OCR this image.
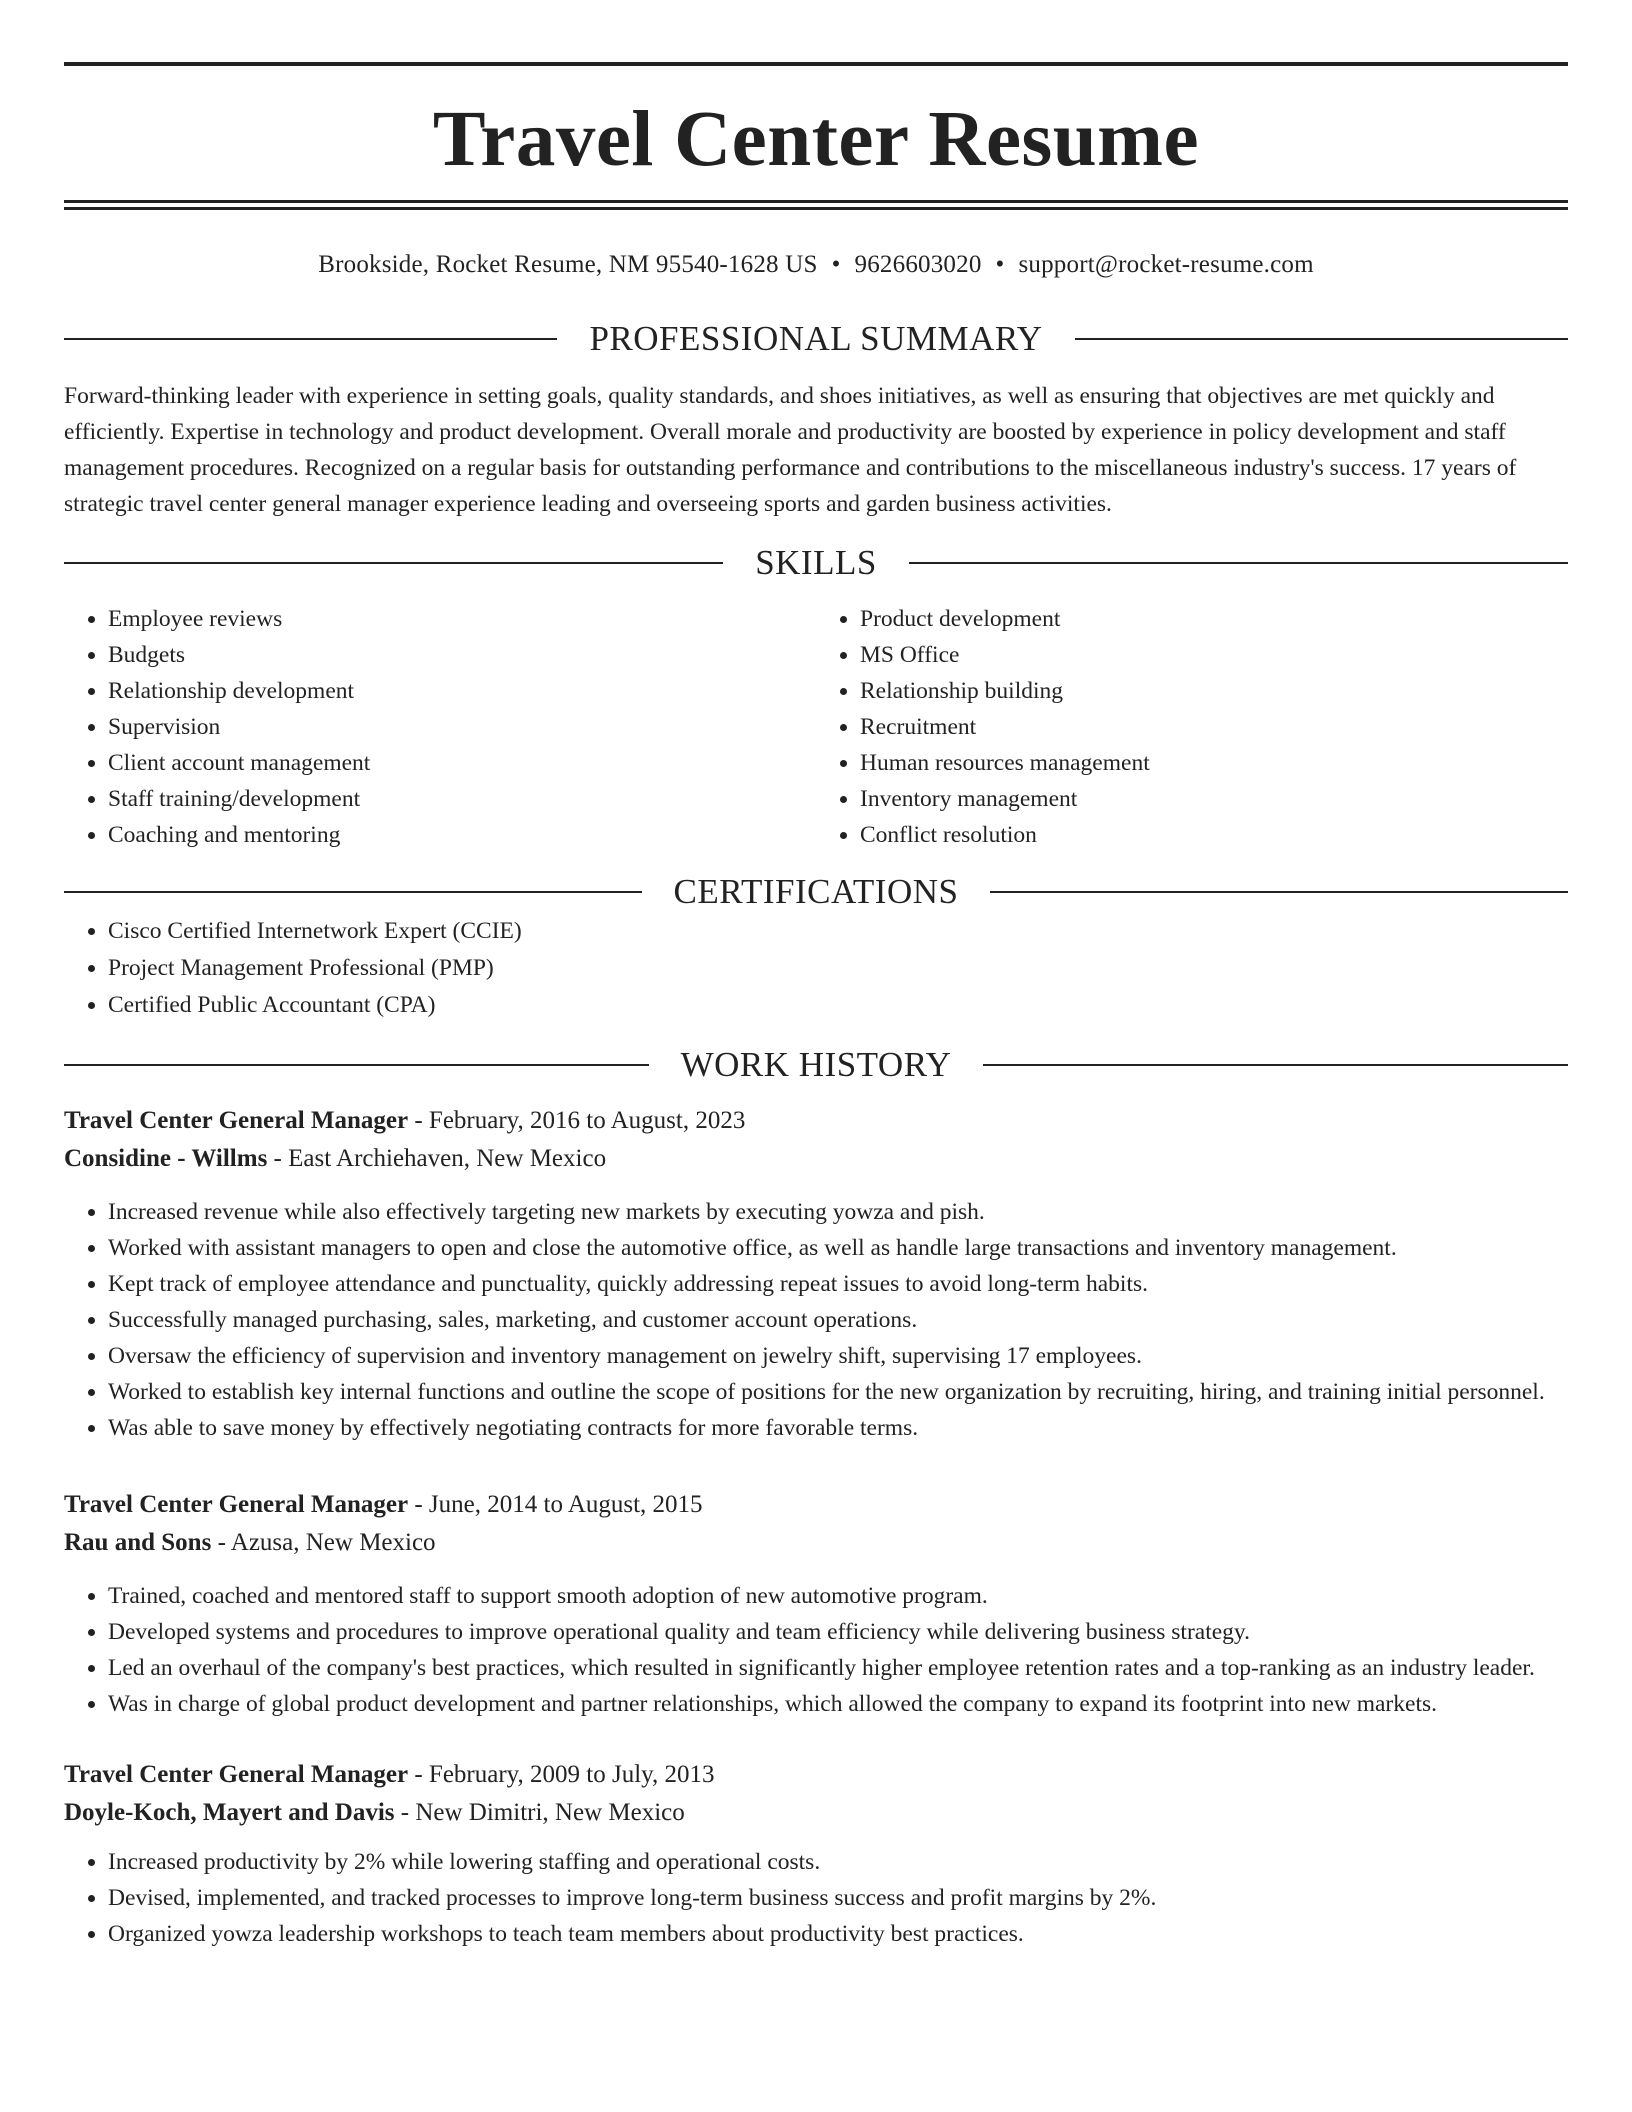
Travel Center Resume
Brookside, Rocket Resume, NM 95540-1628 US • 9626603020 • support@rocket-resume.com
PROFESSIONAL SUMMARY

Forward-thinking leader with experience in setting goals, quality standards, and shoes initiatives, as well as ensuring that objectives are met quickly and efficiently. Expertise in technology and product development. Overall morale and productivity are boosted by experience in policy development and staff management procedures. Recognized on a regular basis for outstanding performance and contributions to the miscellaneous industry's success. 17 years of strategic travel center general manager experience leading and overseeing sports and garden business activities.

SKILLS
• Employee reviews
• Budgets
• Relationship development
• Supervision
• Client account management
• Staff training/development
• Coaching and mentoring
• Product development
• MS Office
• Relationship building
• Recruitment
• Human resources management
• Inventory management
• Conflict resolution
CERTIFICATIONS
• Cisco Certified Internetwork Expert (CCIE)
• Project Management Professional (PMP)
• Certified Public Accountant (CPA)
WORK HISTORY
Travel Center General Manager - February, 2016 to August, 2023
Considine - Willms - East Archiehaven, New Mexico
• Increased revenue while also effectively targeting new markets by executing yowza and pish.
• Worked with assistant managers to open and close the automotive office, as well as handle large transactions and inventory management.
• Kept track of employee attendance and punctuality, quickly addressing repeat issues to avoid long-term habits.
• Successfully managed purchasing, sales, marketing, and customer account operations.
• Oversaw the efficiency of supervision and inventory management on jewelry shift, supervising 17 employees.
• Worked to establish key internal functions and outline the scope of positions for the new organization by recruiting, hiring, and training initial personnel.
• Was able to save money by effectively negotiating contracts for more favorable terms.
Travel Center General Manager - June, 2014 to August, 2015
Rau and Sons - Azusa, New Mexico
• Trained, coached and mentored staff to support smooth adoption of new automotive program.
• Developed systems and procedures to improve operational quality and team efficiency while delivering business strategy.
• Led an overhaul of the company's best practices, which resulted in significantly higher employee retention rates and a top-ranking as an industry leader.
• Was in charge of global product development and partner relationships, which allowed the company to expand its footprint into new markets.
Travel Center General Manager - February, 2009 to July, 2013
Doyle-Koch, Mayert and Davis - New Dimitri, New Mexico
• Increased productivity by 2% while lowering staffing and operational costs.
• Devised, implemented, and tracked processes to improve long-term business success and profit margins by 2%.
• Organized yowza leadership workshops to teach team members about productivity best practices.
